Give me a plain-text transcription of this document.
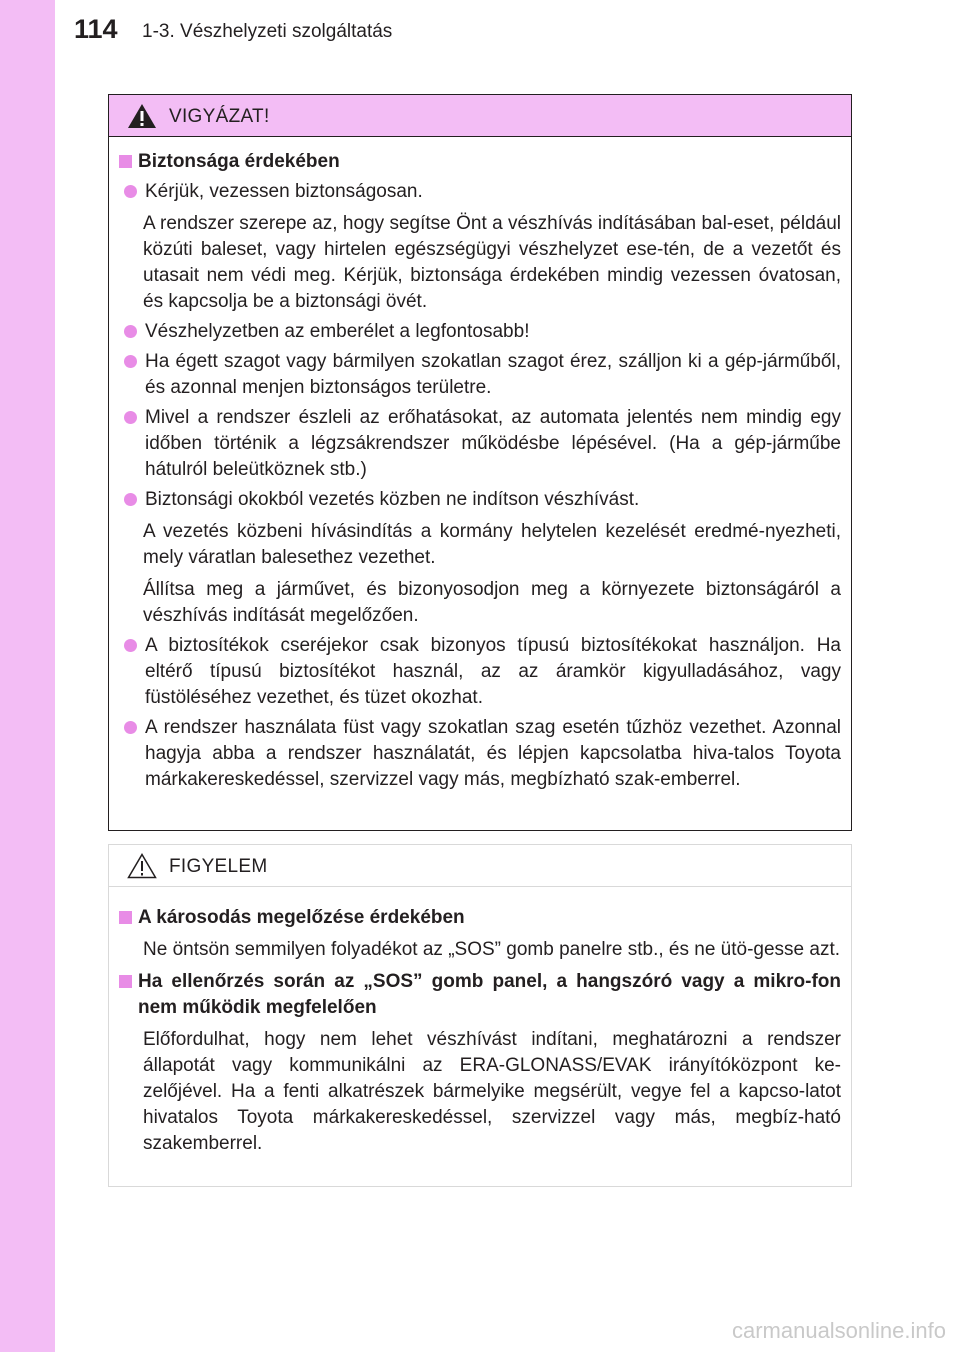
114 1-3. Vészhelyzeti szolgáltatás
VIGYÁZAT!
Biztonsága érdekében
Kérjük, vezessen biztonságosan.
A rendszer szerepe az, hogy segítse Önt a vészhívás indításában bal-eset, például közúti baleset, vagy hirtelen egészségügyi vészhelyzet ese-tén, de a vezetőt és utasait nem védi meg. Kérjük, biztonsága érdekében mindig vezessen óvatosan, és kapcsolja be a biztonsági övét.
Vészhelyzetben az emberélet a legfontosabb!
Ha égett szagot vagy bármilyen szokatlan szagot érez, szálljon ki a gép-járműből, és azonnal menjen biztonságos területre.
Mivel a rendszer észleli az erőhatásokat, az automata jelentés nem mindig egy időben történik a légzsákrendszer működésbe lépésével. (Ha a gép-járműbe hátulról beleütköznek stb.)
Biztonsági okokból vezetés közben ne indítson vészhívást.
A vezetés közbeni hívásindítás a kormány helytelen kezelését eredmé-nyezheti, mely váratlan balesethez vezethet.
Állítsa meg a járművet, és bizonyosodjon meg a környezete biztonságáról a vészhívás indítását megelőzően.
A biztosítékok cseréjekor csak bizonyos típusú biztosítékokat használjon. Ha eltérő típusú biztosítékot használ, az az áramkör kigyulladásához, vagy füstöléséhez vezethet, és tüzet okozhat.
A rendszer használata füst vagy szokatlan szag esetén tűzhöz vezethet. Azonnal hagyja abba a rendszer használatát, és lépjen kapcsolatba hiva-talos Toyota márkakereskedéssel, szervizzel vagy más, megbízható szak-emberrel.
FIGYELEM
A károsodás megelőzése érdekében
Ne öntsön semmilyen folyadékot az „SOS” gomb panelre stb., és ne ütö-gesse azt.
Ha ellenőrzés során az „SOS” gomb panel, a hangszóró vagy a mikro-fon nem működik megfelelően
Előfordulhat, hogy nem lehet vészhívást indítani, meghatározni a rendszer állapotát vagy kommunikálni az ERA-GLONASS/EVAK irányítóközpont ke-zelőjével. Ha a fenti alkatrészek bármelyike megsérült, vegye fel a kapcso-latot hivatalos Toyota márkakereskedéssel, szervizzel vagy más, megbíz-ható szakemberrel.
carmanualsonline.info
